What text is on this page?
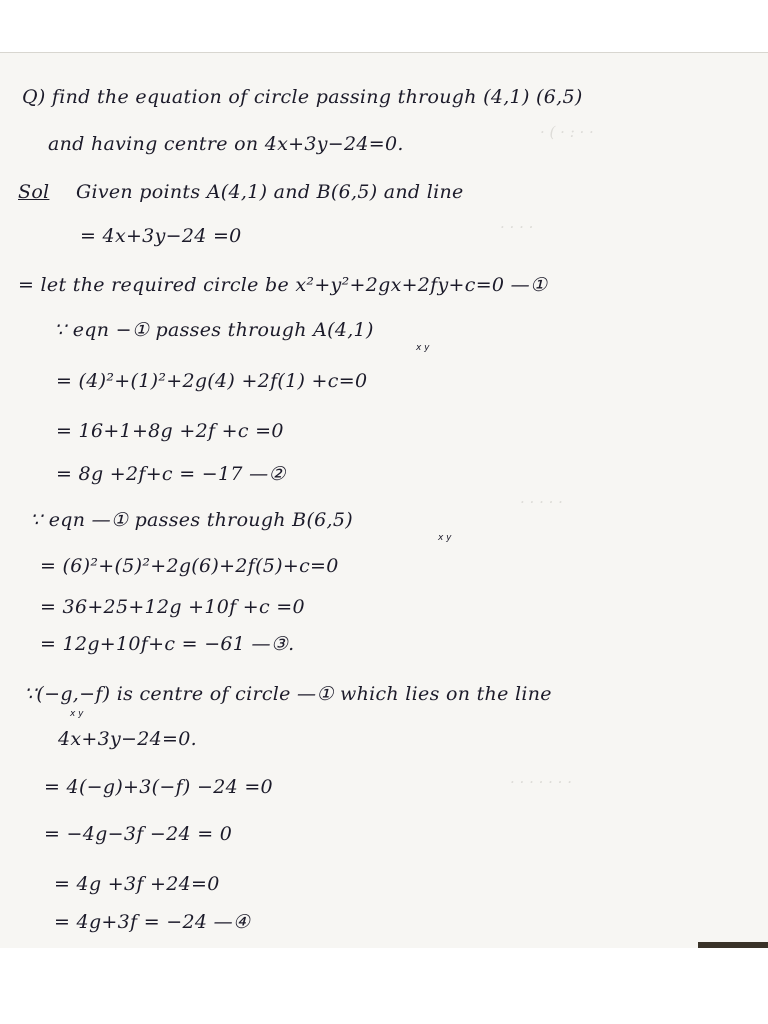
· ( · : · ·
· · · ·
· · · · ·
· · · · · · ·
Q) find the equation of circle passing through (4,1) (6,5)
and having centre on 4x+3y−24=0.
Sol Given points A(4,1) and B(6,5) and line
= 4x+3y−24 =0
= let the required circle be x²+y²+2gx+2fy+c=0 —①
∵ eqn −① passes through A(4,1)
x y
= (4)²+(1)²+2g(4) +2f(1) +c=0
= 16+1+8g +2f +c =0
= 8g +2f+c = −17 —②
∵ eqn —① passes through B(6,5)
x y
= (6)²+(5)²+2g(6)+2f(5)+c=0
= 36+25+12g +10f +c =0
= 12g+10f+c = −61 —③.
∵(−g,−f) is centre of circle —① which lies on the line
x y
4x+3y−24=0.
= 4(−g)+3(−f) −24 =0
= −4g−3f −24 = 0
= 4g +3f +24=0
= 4g+3f = −24 —④
